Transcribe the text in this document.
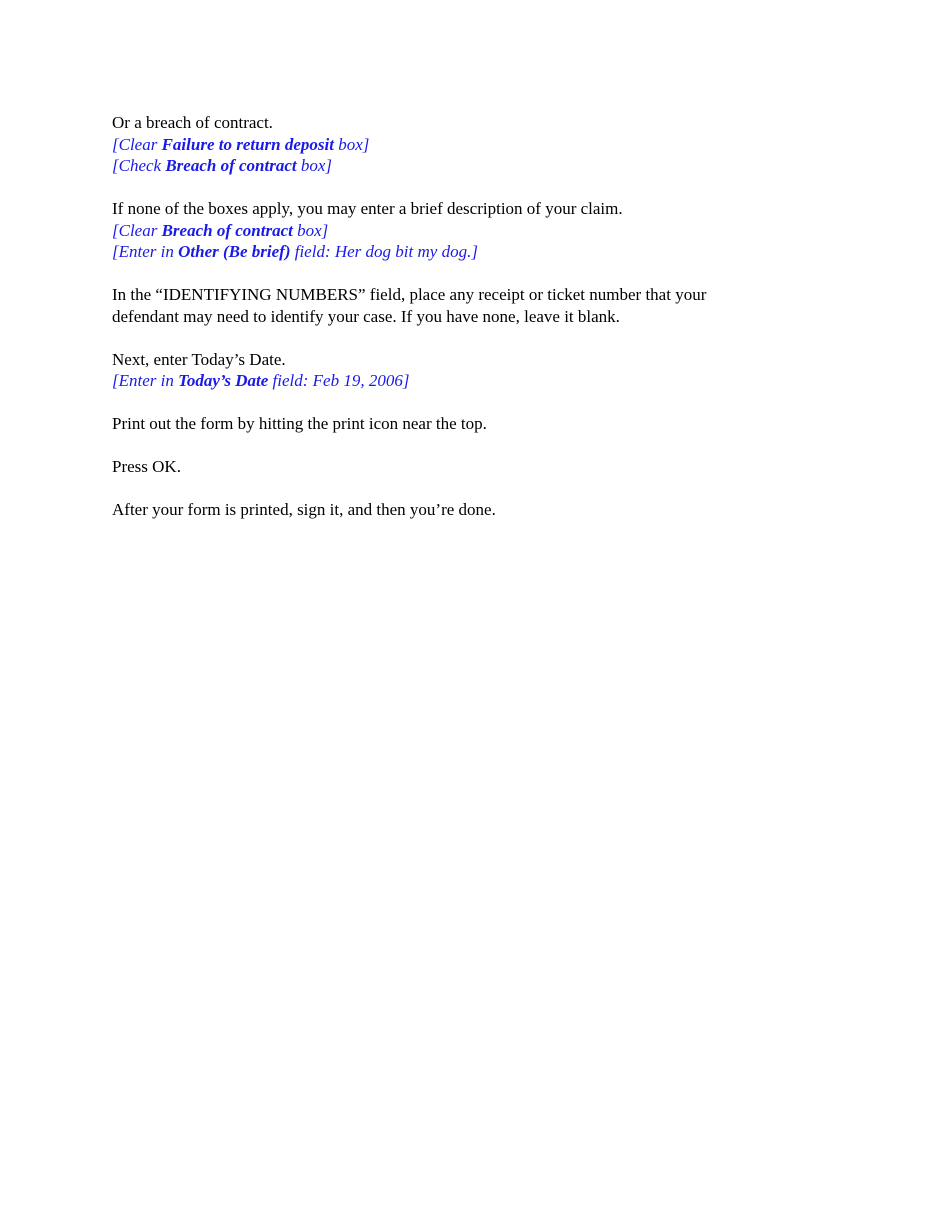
Or a breach of contract.
[Clear Failure to return deposit box]
[Check Breach of contract box]
If none of the boxes apply, you may enter a brief description of your claim.
[Clear Breach of contract box]
[Enter in Other (Be brief) field: Her dog bit my dog.]
In the “IDENTIFYING NUMBERS” field, place any receipt or ticket number that your
defendant may need to identify your case. If you have none, leave it blank.
Next, enter Today’s Date.
[Enter in Today’s Date field: Feb 19, 2006]
Print out the form by hitting the print icon near the top.
Press OK.
After your form is printed, sign it, and then you’re done.
